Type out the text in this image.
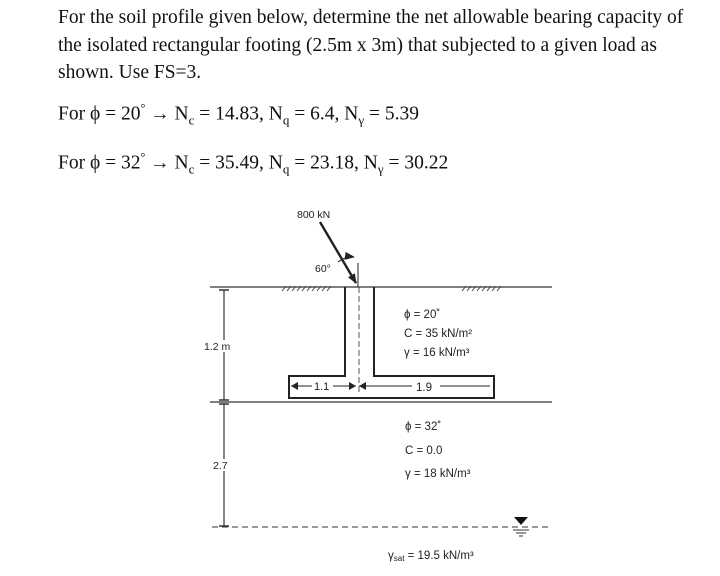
For the soil profile given below, determine the net allowable bearing capacity of the isolated rectangular footing (2.5m x 3m) that subjected to a given load as shown. Use FS=3.
For $\phi = 20^\circ \to N_c = 14.83$, $N_q = 6.4$, $N_\gamma = 5.39$
For $\phi = 32^\circ \to N_c = 35.49$, $N_q = 23.18$, $N_\gamma = 30.22$
800 kN
60°
1.2 m
2.7
1.1	1.9
ϕ = 20˚
C = 35 kN/m²
γ = 16 kN/m³
ϕ = 32˚
C = 0.0
γ = 18 kN/m³
γsat = 19.5 kN/m³
